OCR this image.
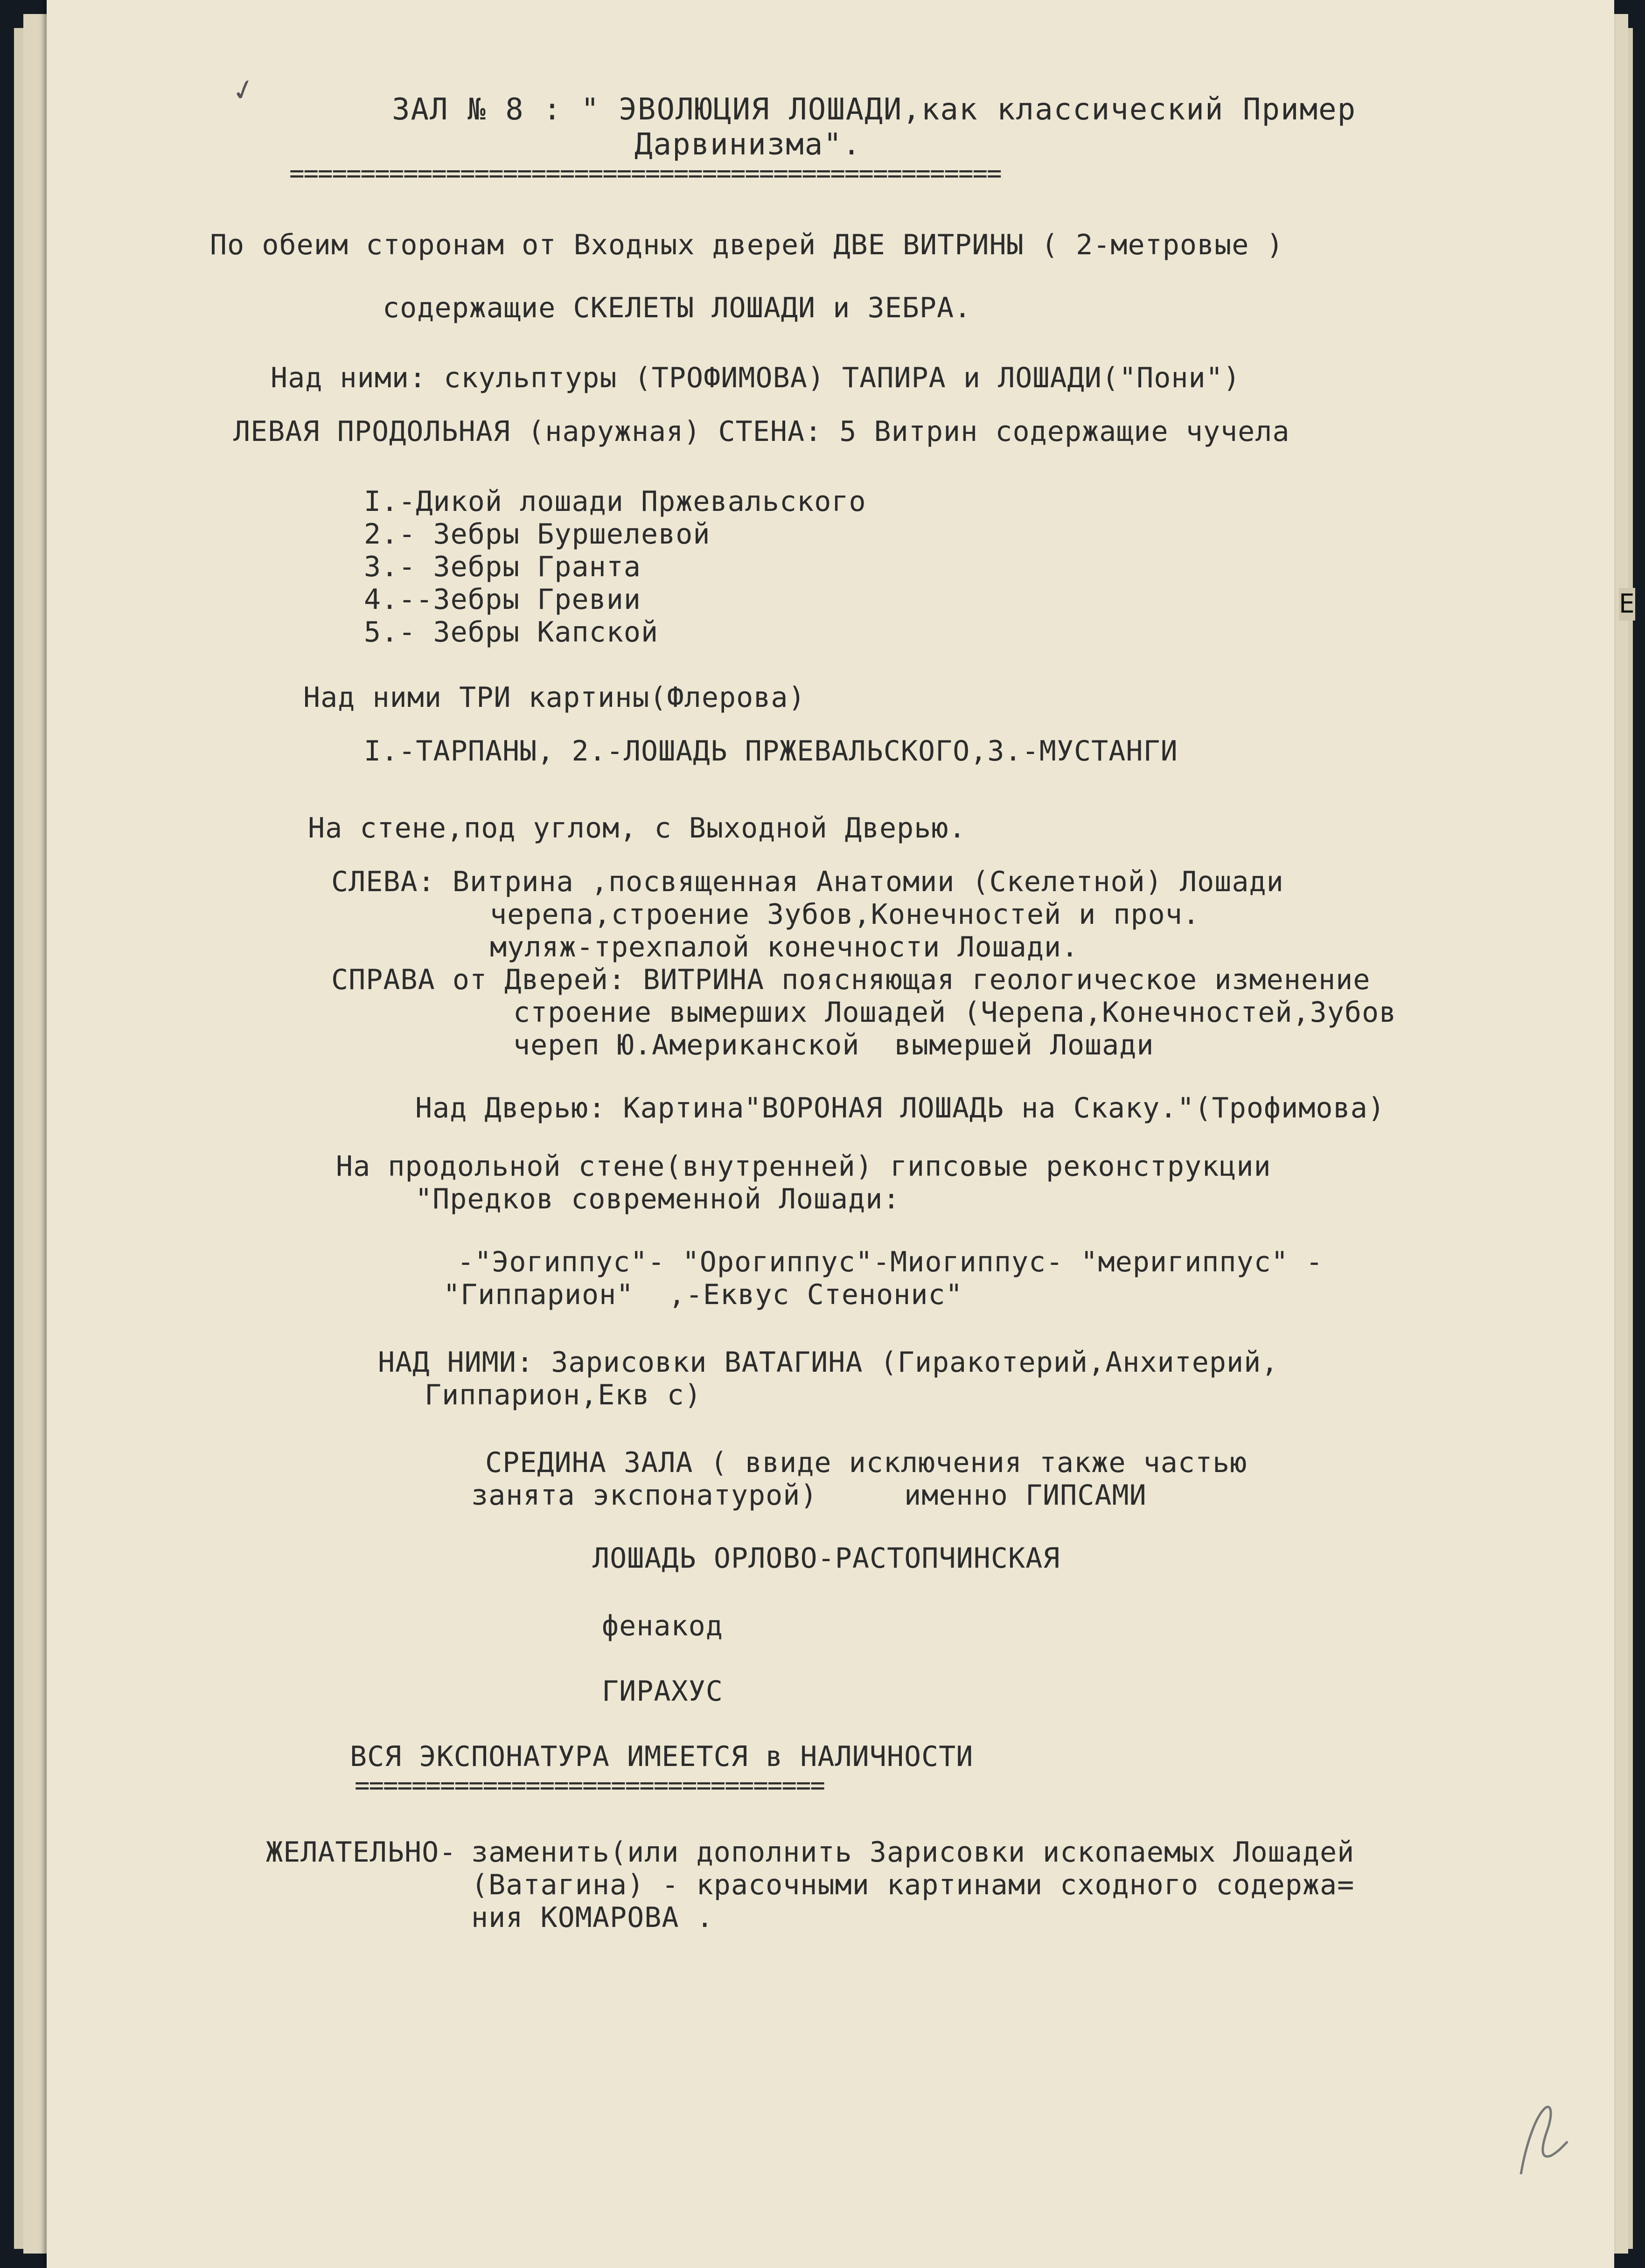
✓	ЗАЛ № 8 : " ЭВОЛЮЦИЯ ЛОШАДИ,как классический Пример
Дарвинизма".
==================================================
По обеим сторонам от Входных дверей ДВЕ ВИТРИНЫ ( 2-метровые )
содержащие СКЕЛЕТЫ ЛОШАДИ и ЗЕБРА.
Над ними: скульптуры (ТРОФИМОВА) ТАПИРА и ЛОШАДИ("Пони")
ЛЕВАЯ ПРОДОЛЬНАЯ (наружная) СТЕНА: 5 Витрин содержащие чучела
I.-Дикой лошади Пржевальского
2.- Зебры Буршелевой
3.- Зебры Гранта
4.--Зебры Гревии
5.- Зебры Капской
Над ними ТРИ картины(Флерова)
I.-ТАРПАНЫ, 2.-ЛОШАДЬ ПРЖЕВАЛЬСКОГО,3.-МУСТАНГИ
На стене,под углом, с Выходной Дверью.
СЛЕВА: Витрина ,посвященная Анатомии (Скелетной) Лошади
черепа,строение Зубов,Конечностей и проч.
муляж-трехпалой конечности Лошади.
СПРАВА от Дверей: ВИТРИНА поясняющая геологическое изменение
строение вымерших Лошадей (Черепа,Конечностей,Зубов
череп Ю.Американской  вымершей Лошади
Над Дверью: Картина"ВОРОНАЯ ЛОШАДЬ на Скаку."(Трофимова)
На продольной стене(внутренней) гипсовые реконструкции
"Предков современной Лошади:
-"Эогиппус"- "Орогиппус"-Миогиппус- "меригиппус" -
"Гиппарион"  ,-Еквус Стенонис"
НАД НИМИ: Зарисовки ВАТАГИНА (Гиракотерий,Анхитерий,
Гиппарион,Екв с)
СРЕДИНА ЗАЛА ( ввиде исключения также частью
занята экспонатурой)     именно ГИПСАМИ
ЛОШАДЬ ОРЛОВО-РАСТОПЧИНСКАЯ
фенакод
ГИРАХУС
ВСЯ ЭКСПОНАТУРА ИМЕЕТСЯ в НАЛИЧНОСТИ
=================================
ЖЕЛАТЕЛЬНО- заменить(или дополнить Зарисовки ископаемых Лошадей
(Ватагина) - красочными картинами сходного содержа=
ния КОМАРОВА .
Е
